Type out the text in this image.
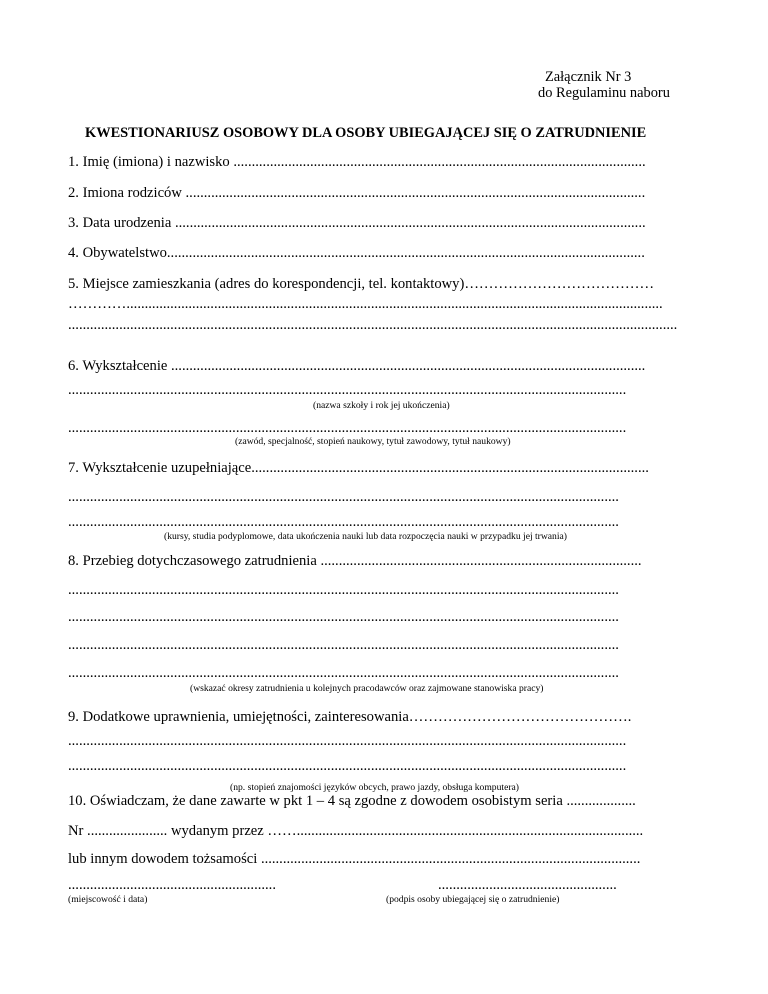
Załącznik Nr 3
do Regulaminu naboru
KWESTIONARIUSZ OSOBOWY DLA OSOBY UBIEGAJĄCEJ SIĘ O ZATRUDNIENIE
1. Imię (imiona) i nazwisko .................................................................................................................
2. Imiona rodziców ..............................................................................................................................
3. Data urodzenia .................................................................................................................................
4. Obywatelstwo...................................................................................................................................
5. Miejsce zamieszkania (adres do korespondencji, tel. kontaktowy)…………………………………
…………...................................................................................................................................................
.......................................................................................................................................................................
6. Wykształcenie ..................................................................................................................................
.........................................................................................................................................................
(nazwa szkoły i rok jej ukończenia)
.........................................................................................................................................................
(zawód, specjalność, stopień naukowy, tytuł zawodowy, tytuł naukowy)
7. Wykształcenie uzupełniające.............................................................................................................
.......................................................................................................................................................
.......................................................................................................................................................
(kursy, studia podyplomowe, data ukończenia nauki lub data rozpoczęcia nauki w przypadku jej trwania)
8. Przebieg dotychczasowego zatrudnienia ........................................................................................
.......................................................................................................................................................
.......................................................................................................................................................
.......................................................................................................................................................
.......................................................................................................................................................
(wskazać okresy zatrudnienia u kolejnych pracodawców oraz zajmowane stanowiska pracy)
9. Dodatkowe uprawnienia, umiejętności, zainteresowania……………………………………….
.........................................................................................................................................................
.........................................................................................................................................................
(np. stopień znajomości języków obcych, prawo jazdy, obsługa komputera)
10. Oświadczam, że dane zawarte w pkt 1 – 4 są zgodne z dowodem osobistym seria ...................
Nr ...................... wydanym przez ……...............................................................................................
lub innym dowodem tożsamości ........................................................................................................
.........................................................
(miejscowość i data)
.................................................
(podpis osoby ubiegającej się o zatrudnienie)
